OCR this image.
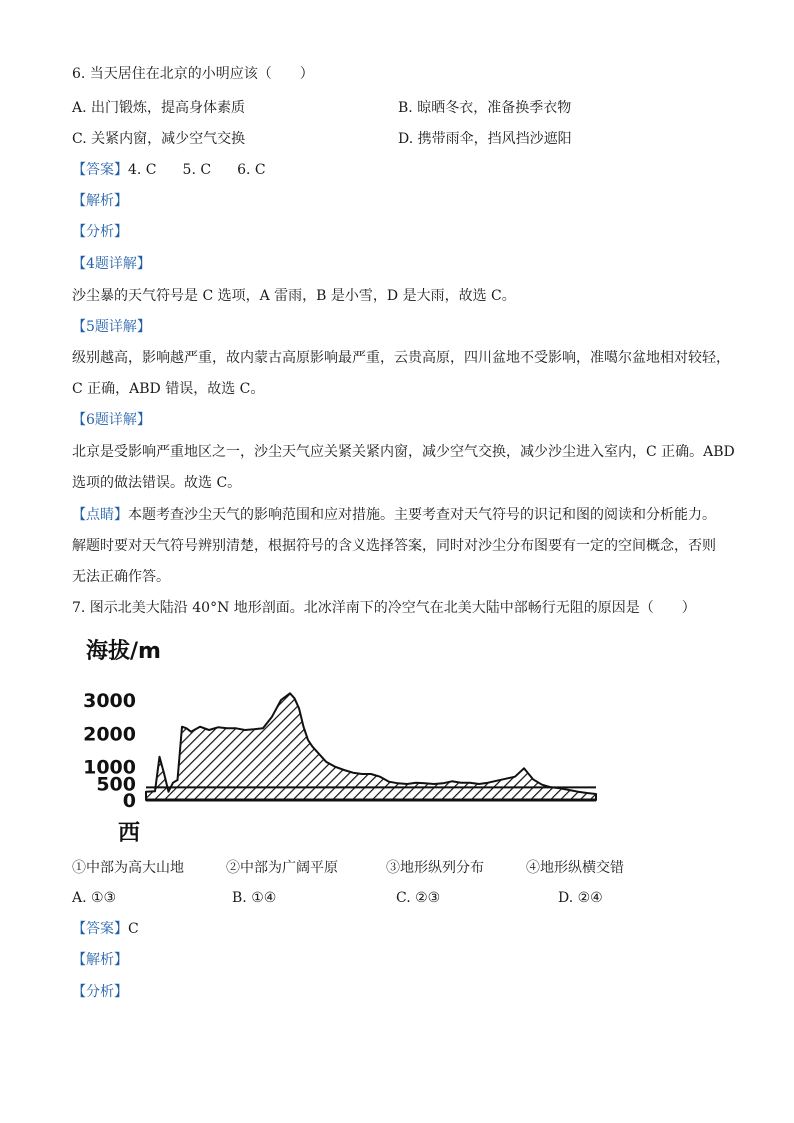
6. 当天居住在北京的小明应该（　　）
A. 出门锻炼，提高身体素质	B. 晾晒冬衣，准备换季衣物
C. 关紧内窗，减少空气交换	D. 携带雨伞，挡风挡沙遮阳
【答案】4. C 5. C 6. C
【解析】
【分析】
【4题详解】
沙尘暴的天气符号是 C 选项，A 雷雨，B 是小雪，D 是大雨，故选 C。
【5题详解】
级别越高，影响越严重，故内蒙古高原影响最严重，云贵高原，四川盆地不受影响，准噶尔盆地相对较轻，
C 正确，ABD 错误，故选 C。
【6题详解】
北京是受影响严重地区之一，沙尘天气应关紧关紧内窗，减少空气交换，减少沙尘进入室内，C 正确。ABD
选项的做法错误。故选 C。
【点睛】本题考查沙尘天气的影响范围和应对措施。主要考查对天气符号的识记和图的阅读和分析能力。
解题时要对天气符号辨别清楚，根据符号的含义选择答案，同时对沙尘分布图要有一定的空间概念，否则
无法正确作答。
7. 图示北美大陆沿 40°N 地形剖面。北冰洋南下的冷空气在北美大陆中部畅行无阻的原因是（　　）
海拔/m
3000
2000
1000
500
0
西
①中部为高大山地	②中部为广阔平原	③地形纵列分布	④地形纵横交错
A. ①③	B. ①④	C. ②③	D. ②④
【答案】C
【解析】
【分析】
